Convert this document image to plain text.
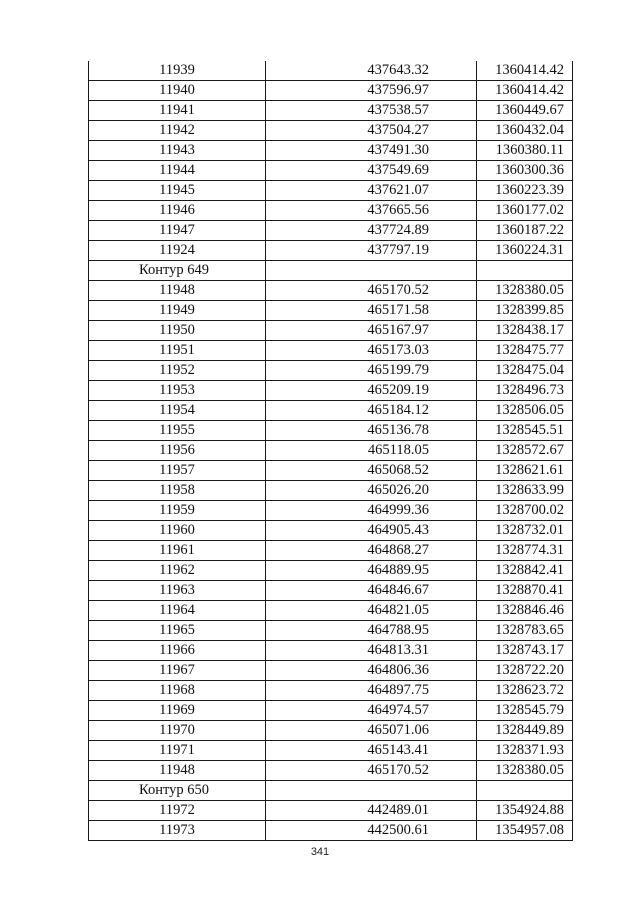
11939	437643.32	1360414.42
11940	437596.97	1360414.42
11941	437538.57	1360449.67
11942	437504.27	1360432.04
11943	437491.30	1360380.11
11944	437549.69	1360300.36
11945	437621.07	1360223.39
11946	437665.56	1360177.02
11947	437724.89	1360187.22
11924	437797.19	1360224.31
Контур 649		
11948	465170.52	1328380.05
11949	465171.58	1328399.85
11950	465167.97	1328438.17
11951	465173.03	1328475.77
11952	465199.79	1328475.04
11953	465209.19	1328496.73
11954	465184.12	1328506.05
11955	465136.78	1328545.51
11956	465118.05	1328572.67
11957	465068.52	1328621.61
11958	465026.20	1328633.99
11959	464999.36	1328700.02
11960	464905.43	1328732.01
11961	464868.27	1328774.31
11962	464889.95	1328842.41
11963	464846.67	1328870.41
11964	464821.05	1328846.46
11965	464788.95	1328783.65
11966	464813.31	1328743.17
11967	464806.36	1328722.20
11968	464897.75	1328623.72
11969	464974.57	1328545.79
11970	465071.06	1328449.89
11971	465143.41	1328371.93
11948	465170.52	1328380.05
Контур 650		
11972	442489.01	1354924.88
11973	442500.61	1354957.08
341
